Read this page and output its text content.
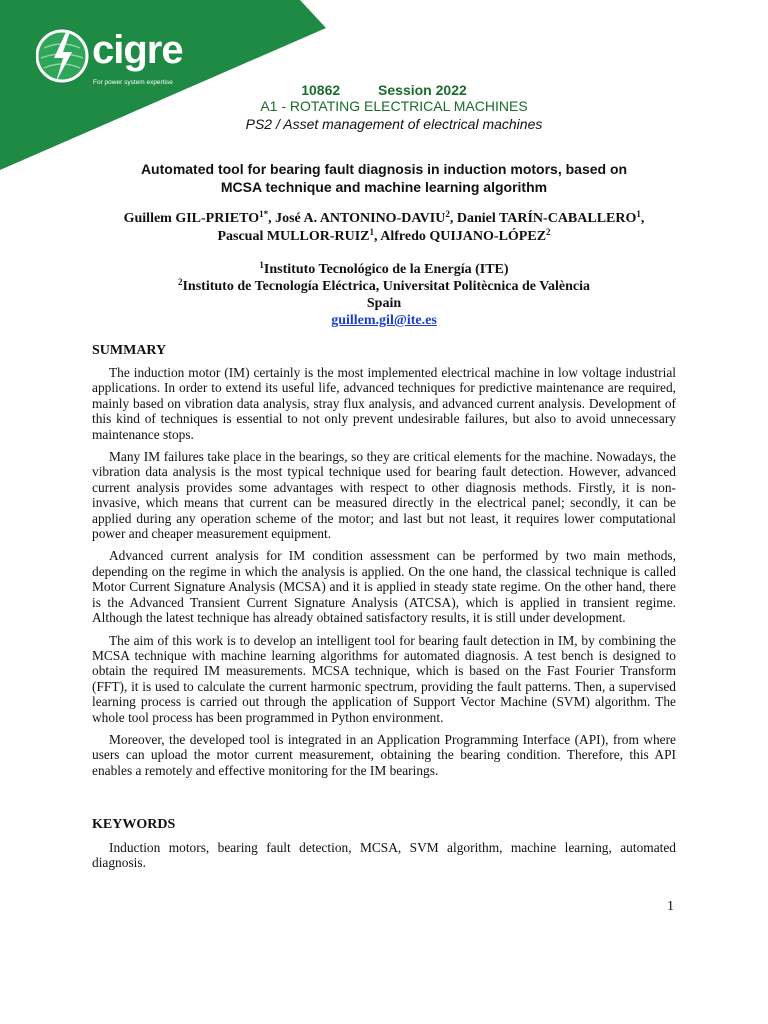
cigre
For power system expertise	10862	Session 2022
A1 - ROTATING ELECTRICAL MACHINES
PS2 / Asset management of electrical machines
Automated tool for bearing fault diagnosis in induction motors, based on
MCSA technique and machine learning algorithm
Guillem GIL-$PRIETO^{1*}$, José A. ANTONINO-DAVIU$^2$, Daniel TARÍN-CABALLERO$^1$,
Pascual MULLOR-RUIZ$^1$, Alfredo QUIJANO-LÓPEZ$^2$
$^1$Instituto Tecnológico de la Energía (ITE)
$^2$Instituto de Tecnología Eléctrica, Universitat Politècnica de València
Spain
guillem.gil@ite.es
SUMMARY

The induction motor (IM) certainly is the most implemented electrical machine in low voltage industrial applications. In order to extend its useful life, advanced techniques for predictive maintenance are required, mainly based on vibration data analysis, stray flux analysis, and advanced current analysis. Development of this kind of techniques is essential to not only prevent undesirable failures, but also to avoid unnecessary maintenance stops.

Many IM failures take place in the bearings, so they are critical elements for the machine. Nowadays, the vibration data analysis is the most typical technique used for bearing fault detection. However, advanced current analysis provides some advantages with respect to other diagnosis methods. Firstly, it is non-invasive, which means that current can be measured directly in the electrical panel; secondly, it can be applied during any operation scheme of the motor; and last but not least, it requires lower computational power and cheaper measurement equipment.

Advanced current analysis for IM condition assessment can be performed by two main methods, depending on the regime in which the analysis is applied. On the one hand, the classical technique is called Motor Current Signature Analysis (MCSA) and it is applied in steady state regime. On the other hand, there is the Advanced Transient Current Signature Analysis (ATCSA), which is applied in transient regime. Although the latest technique has already obtained satisfactory results, it is still under development.

The aim of this work is to develop an intelligent tool for bearing fault detection in IM, by combining the MCSA technique with machine learning algorithms for automated diagnosis. A test bench is designed to obtain the required IM measurements. MCSA technique, which is based on the Fast Fourier Transform (FFT), it is used to calculate the current harmonic spectrum, providing the fault patterns. Then, a supervised learning process is carried out through the application of Support Vector Machine (SVM) algorithm. The whole tool process has been programmed in Python environment.

Moreover, the developed tool is integrated in an Application Programming Interface (API), from where users can upload the motor current measurement, obtaining the bearing condition. Therefore, this API enables a remotely and effective monitoring for the IM bearings.

KEYWORDS

Induction motors, bearing fault detection, MCSA, SVM algorithm, machine learning, automated diagnosis.

1
